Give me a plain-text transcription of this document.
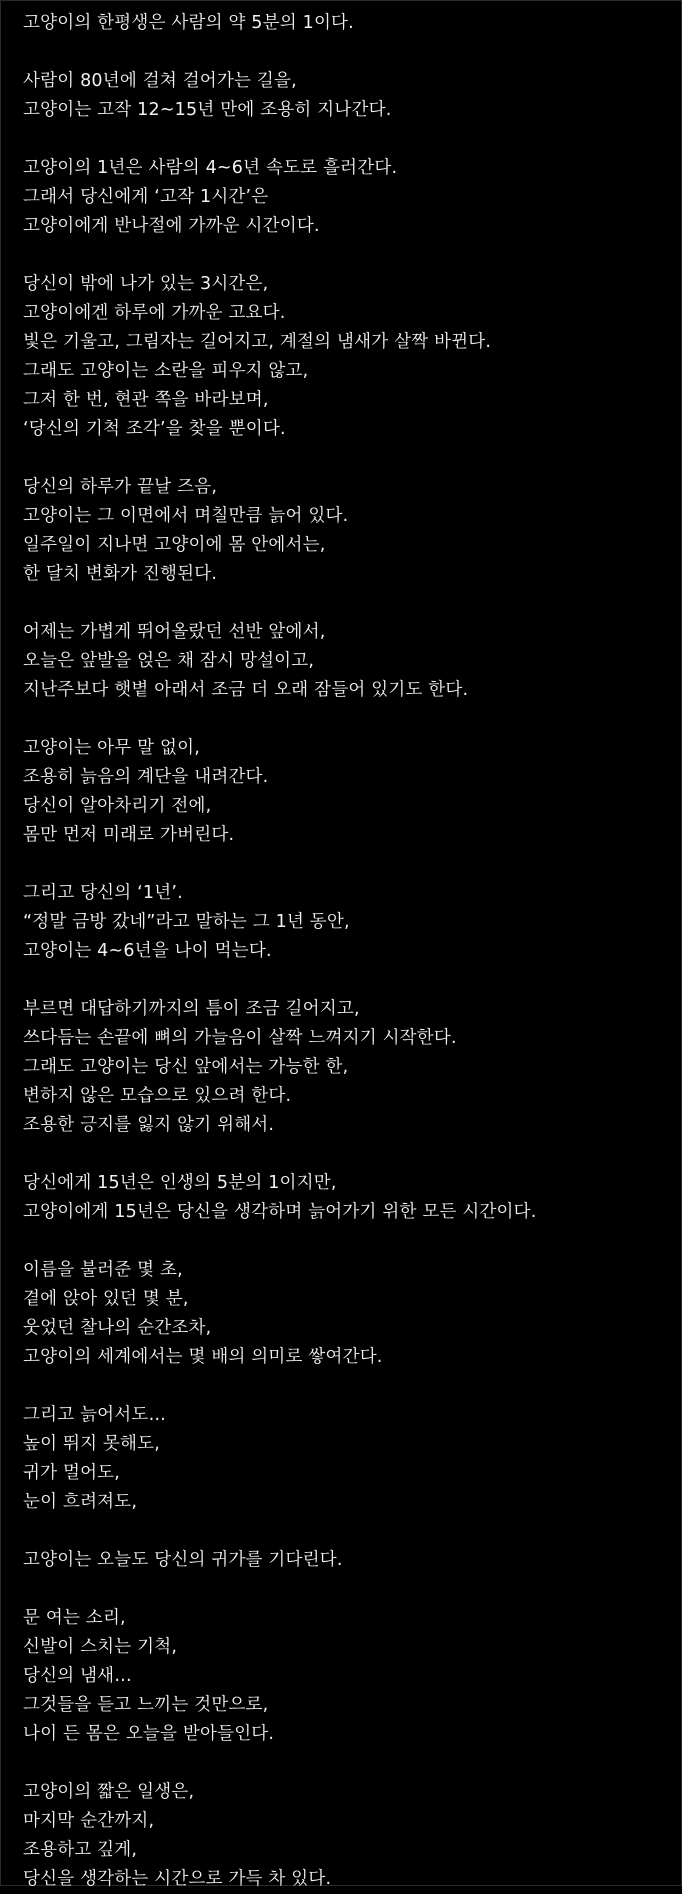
고양이의 한평생은 사람의 약 5분의 1이다.
사람이 80년에 걸쳐 걸어가는 길을,
고양이는 고작 12~15년 만에 조용히 지나간다.
고양이의 1년은 사람의 4~6년 속도로 흘러간다.
그래서 당신에게 ‘고작 1시간’은
고양이에게 반나절에 가까운 시간이다.
당신이 밖에 나가 있는 3시간은,
고양이에겐 하루에 가까운 고요다.
빛은 기울고, 그림자는 길어지고, 계절의 냄새가 살짝 바뀐다.
그래도 고양이는 소란을 피우지 않고,
그저 한 번, 현관 쪽을 바라보며,
‘당신의 기척 조각’을 찾을 뿐이다.
당신의 하루가 끝날 즈음,
고양이는 그 이면에서 며칠만큼 늙어 있다.
일주일이 지나면 고양이에 몸 안에서는,
한 달치 변화가 진행된다.
어제는 가볍게 뛰어올랐던 선반 앞에서,
오늘은 앞발을 얹은 채 잠시 망설이고,
지난주보다 햇볕 아래서 조금 더 오래 잠들어 있기도 한다.
고양이는 아무 말 없이,
조용히 늙음의 계단을 내려간다.
당신이 알아차리기 전에,
몸만 먼저 미래로 가버린다.
그리고 당신의 ‘1년’.
“정말 금방 갔네”라고 말하는 그 1년 동안,
고양이는 4~6년을 나이 먹는다.
부르면 대답하기까지의 틈이 조금 길어지고,
쓰다듬는 손끝에 뼈의 가늘음이 살짝 느껴지기 시작한다.
그래도 고양이는 당신 앞에서는 가능한 한,
변하지 않은 모습으로 있으려 한다.
조용한 긍지를 잃지 않기 위해서.
당신에게 15년은 인생의 5분의 1이지만,
고양이에게 15년은 당신을 생각하며 늙어가기 위한 모든 시간이다.
이름을 불러준 몇 초,
곁에 앉아 있던 몇 분,
웃었던 찰나의 순간조차,
고양이의 세계에서는 몇 배의 의미로 쌓여간다.
그리고 늙어서도…
높이 뛰지 못해도,
귀가 멀어도,
눈이 흐려져도,
고양이는 오늘도 당신의 귀가를 기다린다.
문 여는 소리,
신발이 스치는 기척,
당신의 냄새…
그것들을 듣고 느끼는 것만으로,
나이 든 몸은 오늘을 받아들인다.
고양이의 짧은 일생은,
마지막 순간까지,
조용하고 깊게,
당신을 생각하는 시간으로 가득 차 있다.
